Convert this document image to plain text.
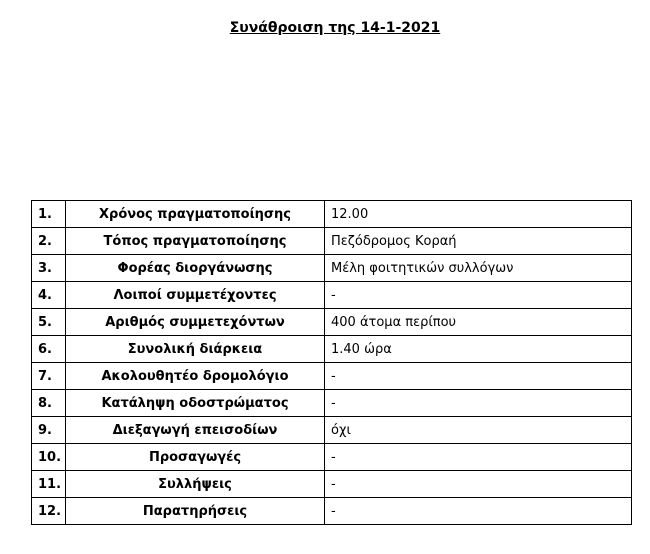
Συνάθροιση της 14-1-2021
1.	Χρόνος πραγματοποίησης	12.00
2.	Τόπος πραγματοποίησης	Πεζόδρομος Κοραή
3.	Φορέας διοργάνωσης	Μέλη φοιτητικών συλλόγων
4.	Λοιποί συμμετέχοντες	-
5.	Αριθμός συμμετεχόντων	400 άτομα περίπου
6.	Συνολική διάρκεια	1.40 ώρα
7.	Ακολουθητέο δρομολόγιο	-
8.	Κατάληψη οδοστρώματος	-
9.	Διεξαγωγή επεισοδίων	όχι
10.	Προσαγωγές	-
11.	Συλλήψεις	-
12.	Παρατηρήσεις	-
